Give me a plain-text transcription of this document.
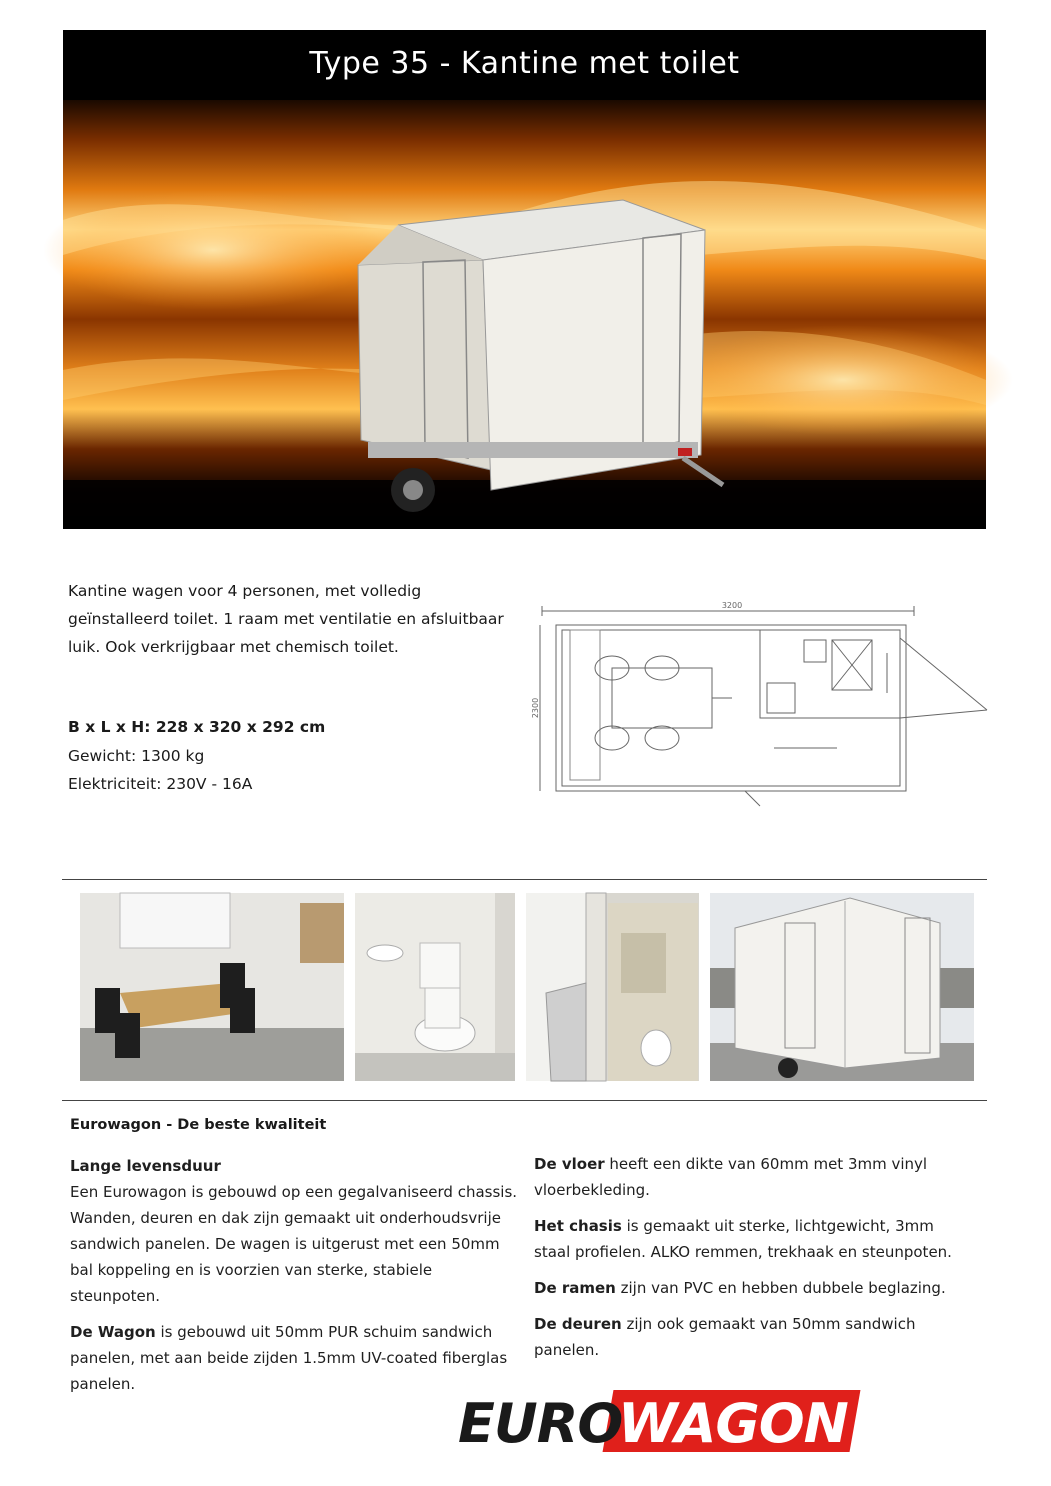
Type 35 - Kantine met toilet
Kantine wagen voor 4 personen, met volledig
geïnstalleerd toilet. 1 raam met ventilatie en afsluitbaar
luik. Ook verkrijgbaar met chemisch toilet.
B x L x H: 228 x 320 x 292 cm
Gewicht: 1300 kg
Elektriciteit: 230V - 16A
3200
2300
Eurowagon - De beste kwaliteit

Lange levensduur
Een Eurowagon is gebouwd op een gegalvaniseerd chassis. Wanden, deuren en dak zijn gemaakt uit onderhoudsvrije sandwich panelen. De wagen is uitgerust met een 50mm bal koppeling en is voorzien van sterke, stabiele steunpoten.

De Wagon is gebouwd uit 50mm PUR schuim sandwich panelen, met aan beide zijden 1.5mm UV-coated fiberglas panelen.

De vloer heeft een dikte van 60mm met 3mm vinyl vloerbekleding.

Het chasis is gemaakt uit sterke, lichtgewicht, 3mm staal profielen. ALKO remmen, trekhaak en steunpoten.

De ramen zijn van PVC en hebben dubbele beglazing.

De deuren zijn ook gemaakt van 50mm sandwich panelen.

EURO
WAGON
